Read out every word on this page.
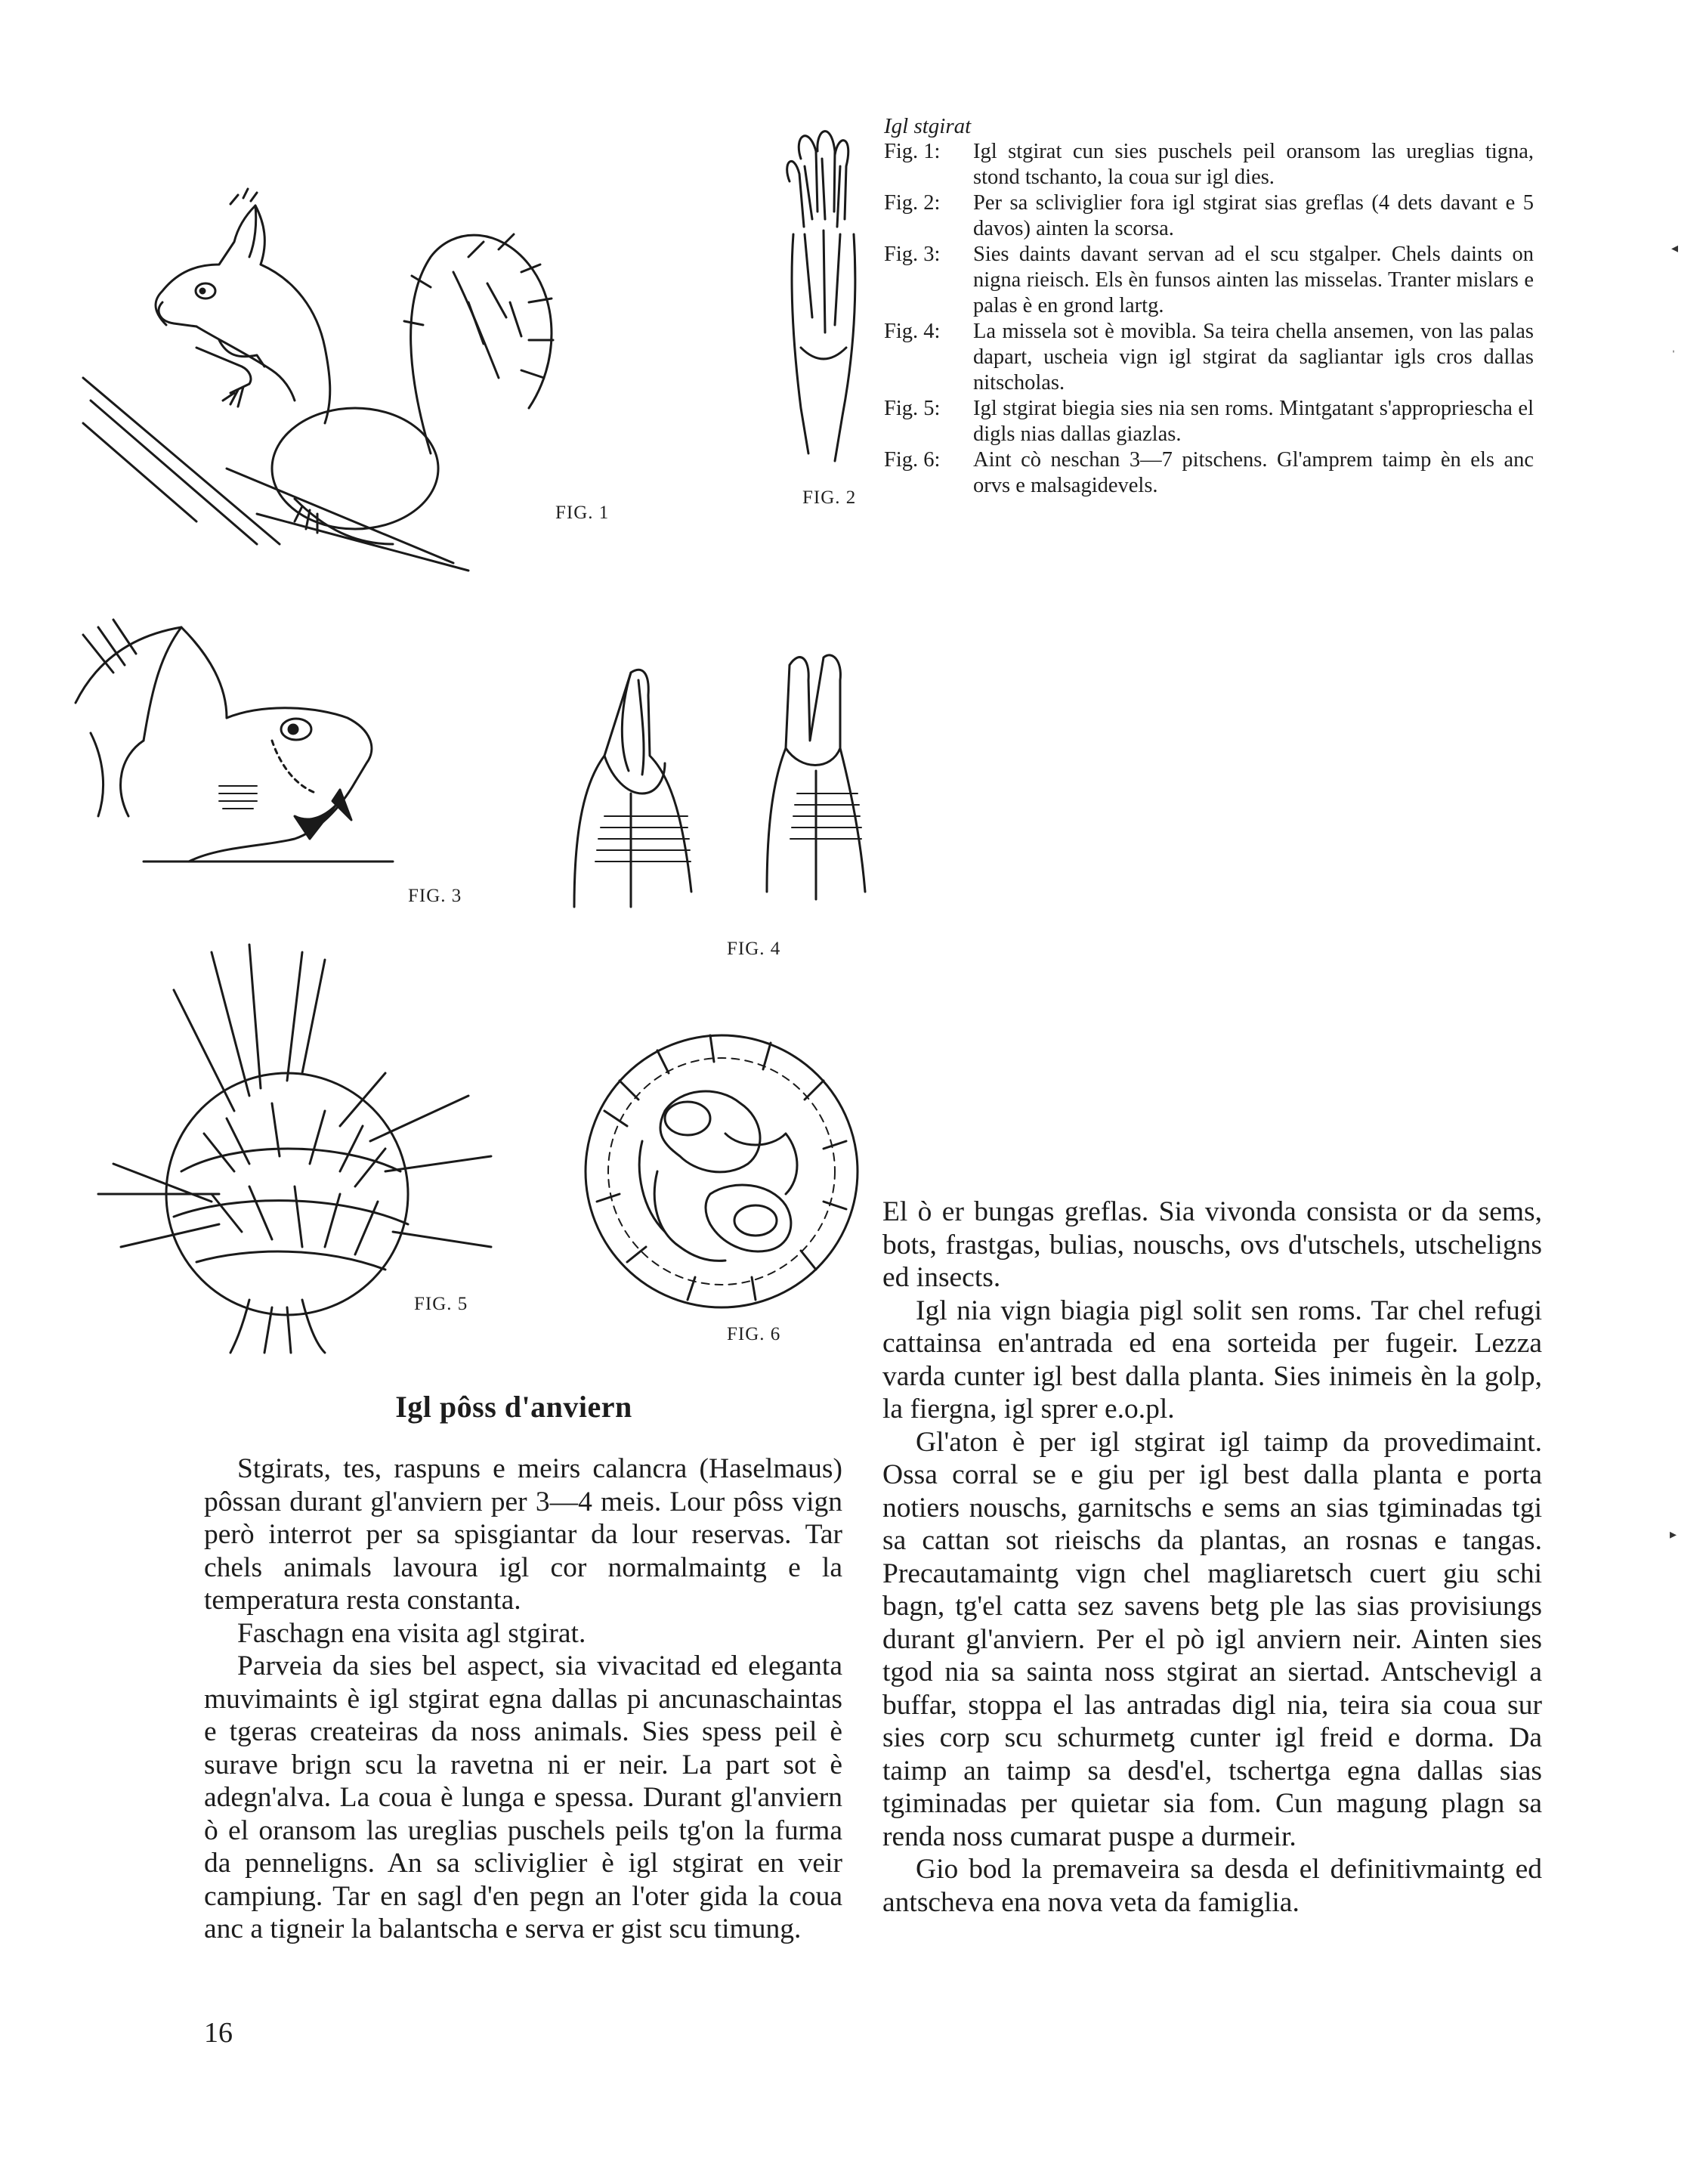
FIG. 1
FIG. 2
Igl stgirat
Fig. 1:	Igl stgirat cun sies puschels peil oransom las ureglias tigna, stond tschanto, la coua sur igl dies.
Fig. 2:	Per sa scliviglier fora igl stgirat sias greflas (4 dets davant e 5 davos) ainten la scorsa.
Fig. 3:	Sies daints davant servan ad el scu stgalper. Chels daints on nigna rieisch. Els èn funsos ainten las misselas. Tranter mislars e palas è en grond lartg.
Fig. 4:	La missela sot è movibla. Sa teira chella ansemen, von las palas dapart, uscheia vign igl stgirat da sagliantar igls cros dallas nitscholas.
Fig. 5:	Igl stgirat biegia sies nia sen roms. Mintgatant s'appropriescha el digls nias dallas giazlas.
Fig. 6:	Aint cò neschan 3—7 pitschens. Gl'amprem taimp èn els anc orvs e malsagidevels.
FIG. 3
FIG. 4
FIG. 5
FIG. 6
Igl pôss d'anviern

Stgirats, tes, raspuns e meirs calancra (Haselmaus) pôssan durant gl'anviern per 3—4 meis. Lour pôss vign però interrot per sa spisgiantar da lour reservas. Tar chels animals lavoura igl cor normalmaintg e la temperatura resta constanta.

Faschagn ena visita agl stgirat.

Parveia da sies bel aspect, sia vivacitad ed eleganta muvimaints è igl stgirat egna dallas pi ancunaschaintas e tgeras createiras da noss animals. Sies spess peil è surave brign scu la ravetna ni er neir. La part sot è adegn'alva. La coua è lunga e spessa. Durant gl'anviern ò el oransom las ureglias puschels peils tg'on la furma da penneligns. An sa scliviglier è igl stgirat en veir campiung. Tar en sagl d'en pegn an l'oter gida la coua anc a tigneir la balantscha e serva er gist scu timung.

El ò er bungas greflas. Sia vivonda consista or da sems, bots, frastgas, bulias, nouschs, ovs d'utschels, utscheligns ed insects.

Igl nia vign biagia pigl solit sen roms. Tar chel refugi cattainsa en'antrada ed ena sorteida per fugeir. Lezza varda cunter igl best dalla planta. Sies inimeis èn la golp, la fiergna, igl sprer e.o.pl.

Gl'aton è per igl stgirat igl taimp da provedimaint. Ossa corral se e giu per igl best dalla planta e porta notiers nouschs, garnitschs e sems an sias tgiminadas tgi sa cattan sot rieischs da plantas, an rosnas e tangas. Precautamaintg vign chel magliaretsch cuert giu schi bagn, tg'el catta sez savens betg ple las sias provisiungs durant gl'anviern. Per el pò igl anviern neir. Ainten sies tgod nia sa sainta noss stgirat an siertad. Antschevigl a buffar, stoppa el las antradas digl nia, teira sia coua sur sies corp scu schurmetg cunter igl freid e dorma. Da taimp an taimp sa desd'el, tschertga egna dallas sias tgiminadas per quietar sia fom. Cun magung plagn sa renda noss cumarat puspe a durmeir.

Gio bod la premaveira sa desda el definitivmaintg ed antscheva ena nova veta da famiglia.

16
◂
ˈ
▸
